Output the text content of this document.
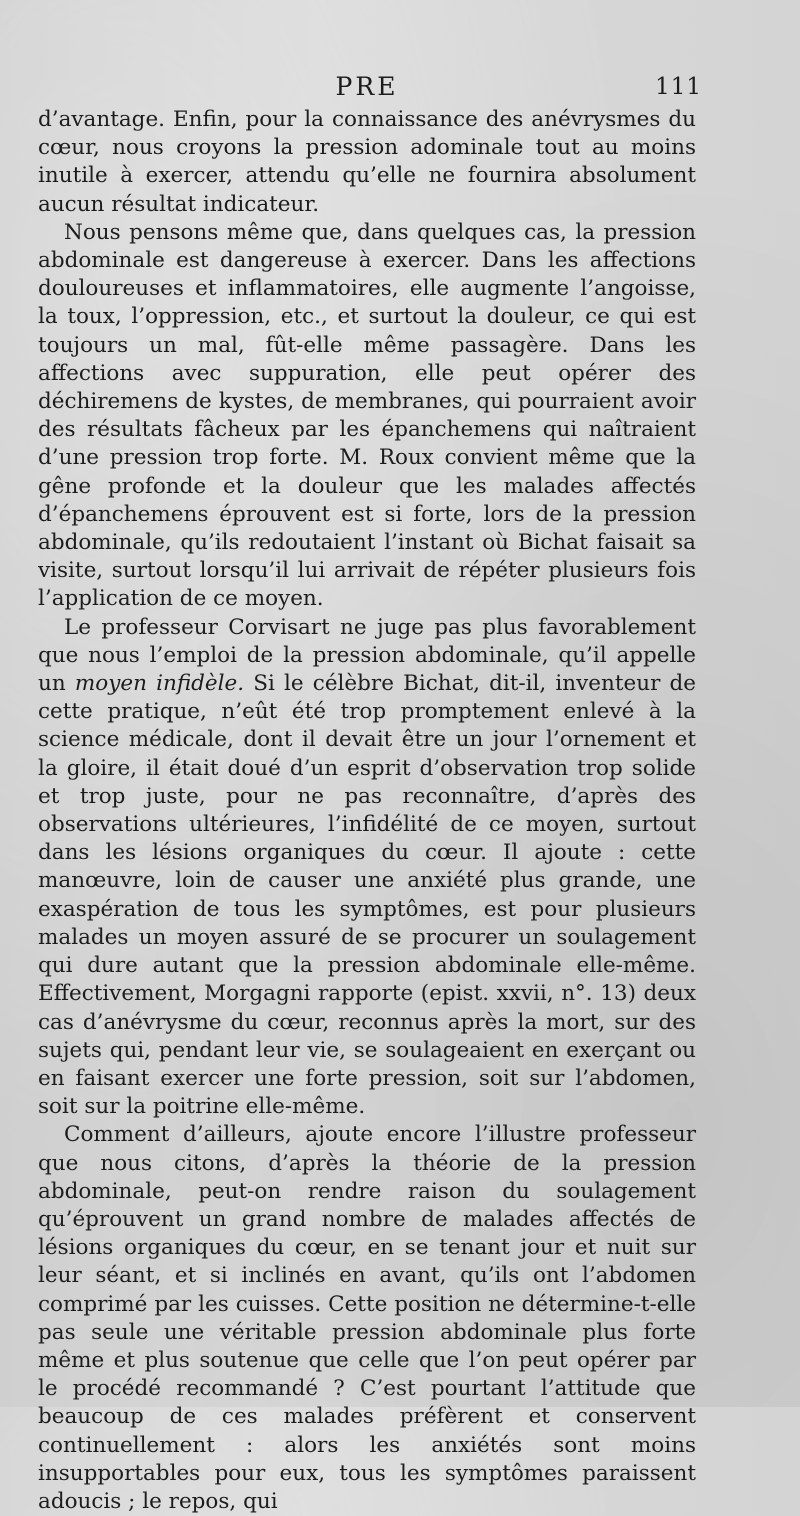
PRE	111

d’avantage. Enfin, pour la connaissance des anévrysmes du cœur, nous croyons la pression adominale tout au moins inutile à exercer, attendu qu’elle ne fournira absolument aucun résultat indicateur.

Nous pensons même que, dans quelques cas, la pression abdominale est dangereuse à exercer. Dans les affections douloureuses et inflammatoires, elle augmente l’angoisse, la toux, l’oppression, etc., et surtout la douleur, ce qui est toujours un mal, fût-elle même passagère. Dans les affections avec suppuration, elle peut opérer des déchiremens de kystes, de membranes, qui pourraient avoir des résultats fâcheux par les épanchemens qui naîtraient d’une pression trop forte. M. Roux convient même que la gêne profonde et la douleur que les malades affectés d’épanchemens éprouvent est si forte, lors de la pression abdominale, qu’ils redoutaient l’instant où Bichat faisait sa visite, surtout lorsqu’il lui arrivait de répéter plusieurs fois l’application de ce moyen.

Le professeur Corvisart ne juge pas plus favorablement que nous l’emploi de la pression abdominale, qu’il appelle un moyen infidèle. Si le célèbre Bichat, dit-il, inventeur de cette pratique, n’eût été trop promptement enlevé à la science médicale, dont il devait être un jour l’ornement et la gloire, il était doué d’un esprit d’observation trop solide et trop juste, pour ne pas reconnaître, d’après des observations ultérieures, l’infidélité de ce moyen, surtout dans les lésions organiques du cœur. Il ajoute : cette manœuvre, loin de causer une anxiété plus grande, une exaspération de tous les symptômes, est pour plusieurs malades un moyen assuré de se procurer un soulagement qui dure autant que la pression abdominale elle-même. Effectivement, Morgagni rapporte (epist. xxvii, n°. 13) deux cas d’anévrysme du cœur, reconnus après la mort, sur des sujets qui, pendant leur vie, se soulageaient en exerçant ou en faisant exercer une forte pression, soit sur l’abdomen, soit sur la poitrine elle-même.

Comment d’ailleurs, ajoute encore l’illustre professeur que nous citons, d’après la théorie de la pression abdominale, peut-on rendre raison du soulagement qu’éprouvent un grand nombre de malades affectés de lésions organiques du cœur, en se tenant jour et nuit sur leur séant, et si inclinés en avant, qu’ils ont l’abdomen comprimé par les cuisses. Cette position ne détermine-t-elle pas seule une véritable pression abdominale plus forte même et plus soutenue que celle que l’on peut opérer par le procédé recommandé ? C’est pourtant l’attitude que beaucoup de ces malades préfèrent et conservent continuellement : alors les anxiétés sont moins insupportables pour eux, tous les symptômes paraissent adoucis ; le repos, qui
